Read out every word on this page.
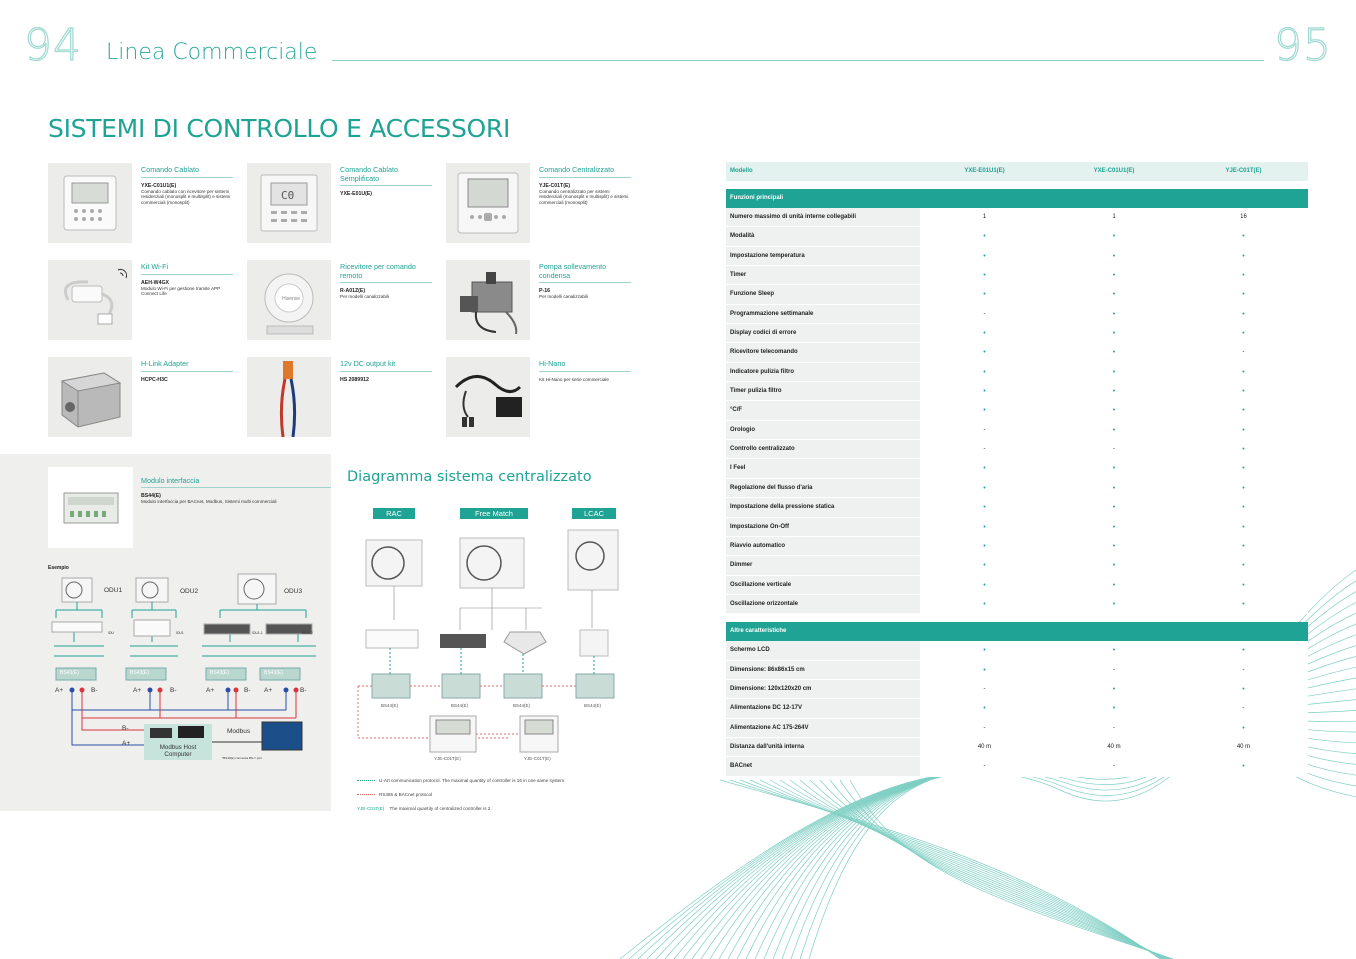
94 Linea Commerciale	95
SISTEMI DI CONTROLLO E ACCESSORI
Comando Cablato
YXE-C01U1(E)
Comando cablato con ricevitore per sistemi residenziali (monosplit e multisplit) e sistemi commerciali (monosplit)
C0
Comando Cablato Semplificato
YXE-E01U(E)
Comando Centralizzato
YJE-C01T(E)
Comando centralizzato per sistemi residenziali (monosplit e multisplit) e sistemi commerciali (monosplit)
Kit Wi-Fi
AEH-W4GX
Modulo Wi-Fi per gestione tramite APP Connect Life
Hisense
Ricevitore per comando remoto
R-A01Z(E)
Per modelli canalizzabili
Pompa sollevamento condensa
P-16
Per modelli canalizzabili
H-Link Adapter
HCPC-H3C
12v DC output kit
HS 2089912
Hi-Nano
Kit Hi-Nano per serie commerciale
Modulo interfaccia
BS44(E)
Modulo interfaccia per BACnet, Modbus, Sistemi multi commerciali
Esempio
ODU1	ODU2	ODU3
IDU	IDU1	IDU1-1	IDU1-2
BS43(E)	BS43(E)	BS43(E)	BS43(E)
A+	B-	A+	B-	A+	B- A+	B-
B-
A+
Modbus
Modbus Host Computer	*BS43(E) connessa BS-Y port
Diagramma sistema centralizzato
RAC	Free Match	LCAC
BS44(E)	BS44(E)	BS44(E)	BS44(E)
YJE-C01T(E)	YJE-C01T(E)
U-Art communication protocol. The maximal quantity of controller is 16 in one same system.
RS485 & BACnet protocol
YJE-C01T(E) The maximal quantity of centralized controller is 2.
Modello	YXE-E01U1(E)	YXE-C01U1(E)	YJE-C01T(E)
Funzioni principali
Numero massimo di unità interne collegabili	1	1	16
Modalità	•	•	•
Impostazione temperatura	•	•	•
Timer	•	•	•
Funzione Sleep	•	•	•
Programmazione settimanale	-	•	•
Display codici di errore	•	•	•
Ricevitore telecomando	•	•	-
Indicatore pulizia filtro	•	•	•
Timer pulizia filtro	•	•	•
°C/F	•	•	•
Orologio	-	•	•
Controllo centralizzato	-	-	•
I Feel	•	•	•
Regolazione del flusso d'aria	•	•	•
Impostazione della pressione statica	•	•	•
Impostazione On-Off	•	•	•
Riavvio automatico	•	•	•
Dimmer	•	•	•
Oscillazione verticale	•	•	•
Oscillazione orizzontale	•	•	•
Altre caratteristiche
Schermo LCD	•	•	•
Dimensione: 86x86x15 cm	•	-	-
Dimensione: 120x120x20 cm	-	•	•
Alimentazione DC 12-17V	•	•	-
Alimentazione AC 175-264V	-	-	•
Distanza dall'unità interna	40 m	40 m	40 m
BACnet	-	-	•
